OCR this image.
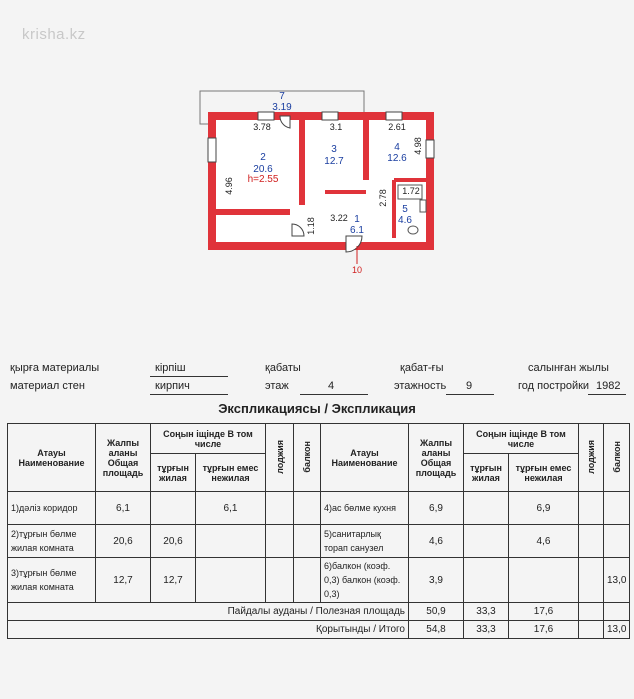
krisha.kz
2
20.6
h=2.55
3
12.7
4
12.6
1
6.1
5
4.6
7
3.19
3.78	3.1	2.61
4.96
4.98
3.22
1.18
2.78 1.72
10
қырға материалы
материал стен
кірпіш
кирпич
қабаты
этаж	4
қабат-ғы
этажность 9
салынған жылы
год постройки 1982
Экспликациясы / Экспликация
Атауы Наименование	Жалпы аланы Общая площадь	Соңын іщінде В том числе		лоджия	балкон	Атауы Наименование	Жалпы аланы Общая площадь	Соңын іщінде В том числе		лоджия	балкон
		тұрғын жилая	тұрғын емес нежилая					тұрғын жилая	тұрғын емес нежилая		
1)дәліз коридор	6,1		6,1			4)ас бөлме кухня	6,9		6,9		
2)тұрғын бөлме жилая комната	20,6	20,6				5)санитарлық торап санузел	4,6		4,6		
3)тұрғын бөлме жилая комната	12,7	12,7				6)балкон (коэф. 0,3) балкон (коэф. 0,3)	3,9				13,0
Пайдалы ауданы / Полезная площадь							50,9	33,3	17,6		
Қорытынды / Итого							54,8	33,3	17,6		13,0
